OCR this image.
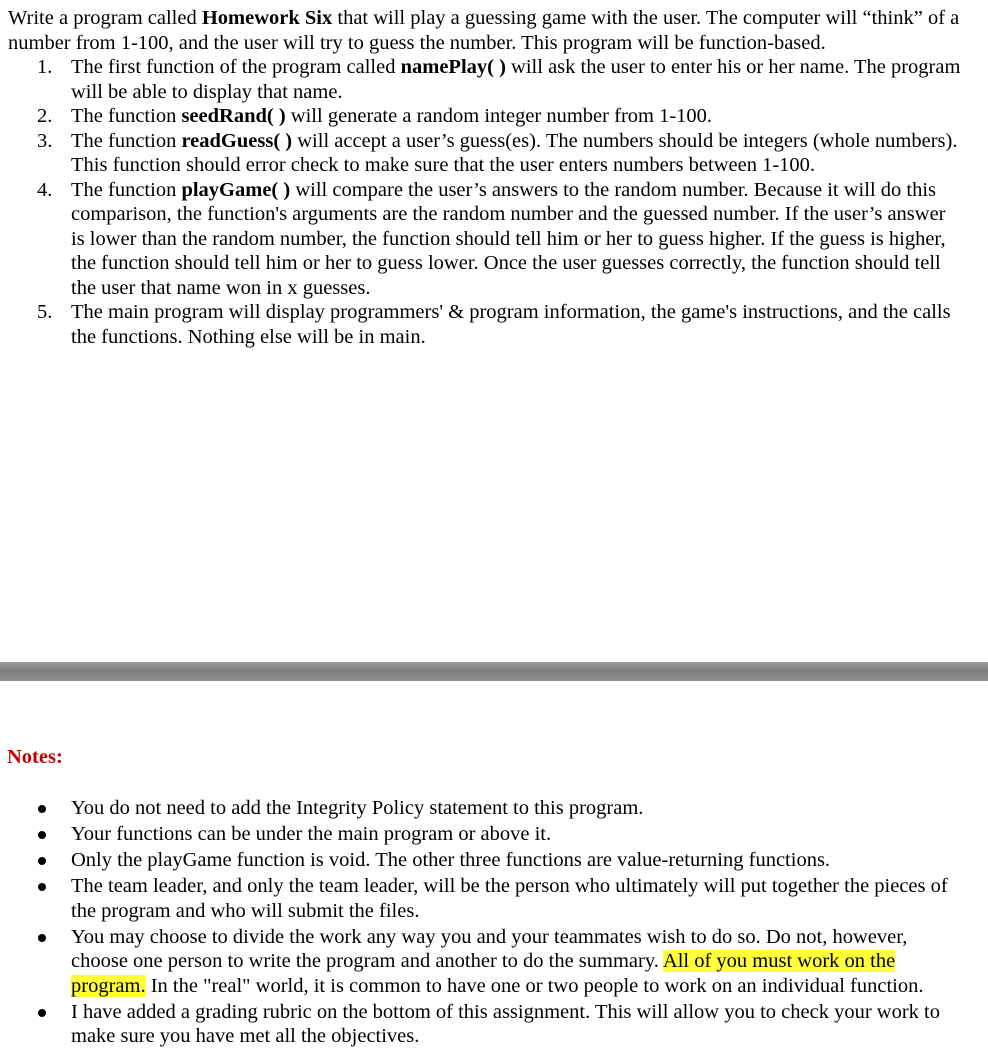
Write a program called Homework Six that will play a guessing game with the user. The computer will “think” of a number from 1-100, and the user will try to guess the number. This program will be function-based.
1. The first function of the program called namePlay( ) will ask the user to enter his or her name. The program will be able to display that name.
2. The function seedRand( ) will generate a random integer number from 1-100.
3. The function readGuess( ) will accept a user’s guess(es). The numbers should be integers (whole numbers). This function should error check to make sure that the user enters numbers between 1-100.
4. The function playGame( ) will compare the user’s answers to the random number. Because it will do this comparison, the function's arguments are the random number and the guessed number. If the user’s answer is lower than the random number, the function should tell him or her to guess higher. If the guess is higher, the function should tell him or her to guess lower. Once the user guesses correctly, the function should tell the user that name won in x guesses.
5. The main program will display programmers' & program information, the game's instructions, and the calls the functions. Nothing else will be in main.
Notes:
You do not need to add the Integrity Policy statement to this program.
Your functions can be under the main program or above it.
Only the playGame function is void. The other three functions are value-returning functions.
The team leader, and only the team leader, will be the person who ultimately will put together the pieces of the program and who will submit the files.
You may choose to divide the work any way you and your teammates wish to do so. Do not, however, choose one person to write the program and another to do the summary. All of you must work on the program. In the "real" world, it is common to have one or two people to work on an individual function.
I have added a grading rubric on the bottom of this assignment. This will allow you to check your work to make sure you have met all the objectives.
